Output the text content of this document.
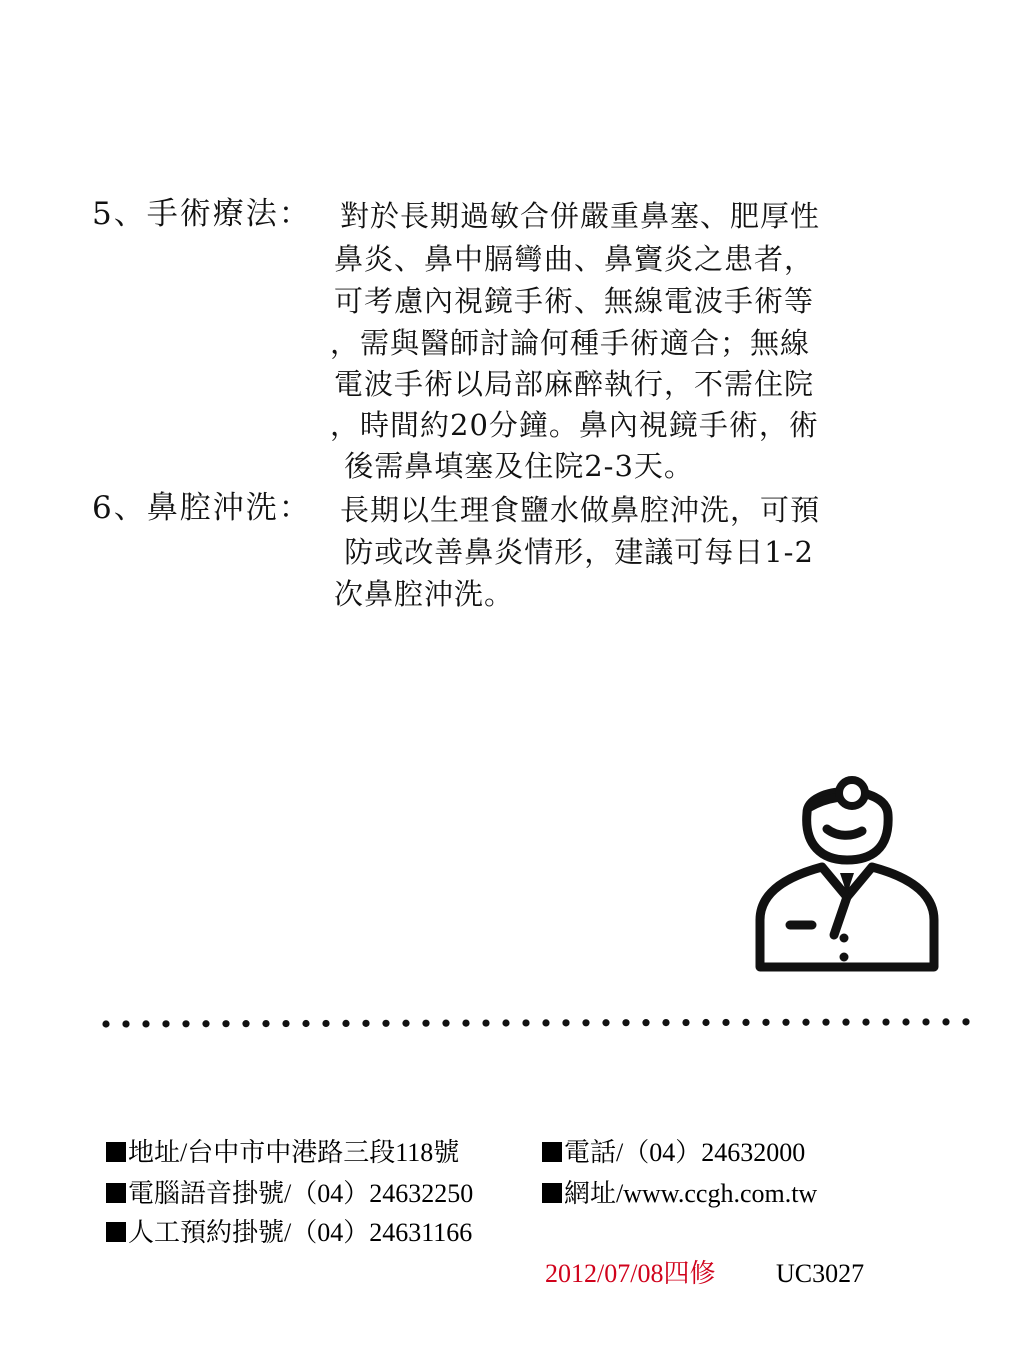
5、手術療法： 對於長期過敏合併嚴重鼻塞、肥厚性
鼻炎、鼻中膈彎曲、鼻竇炎之患者，
可考慮內視鏡手術、無線電波手術等
，需與醫師討論何種手術適合；無線
電波手術以局部麻醉執行，不需住院
，時間約20分鐘。鼻內視鏡手術，術
後需鼻填塞及住院2-3天。
6、鼻腔沖洗： 長期以生理食鹽水做鼻腔沖洗，可預
防或改善鼻炎情形，建議可每日1-2
次鼻腔沖洗。
地址/台中市中港路三段118號	電話/（04）24632000
電腦語音掛號/（04）24632250	網址/www.ccgh.com.tw
人工預約掛號/（04）24631166
2012/07/08四修 UC3027
